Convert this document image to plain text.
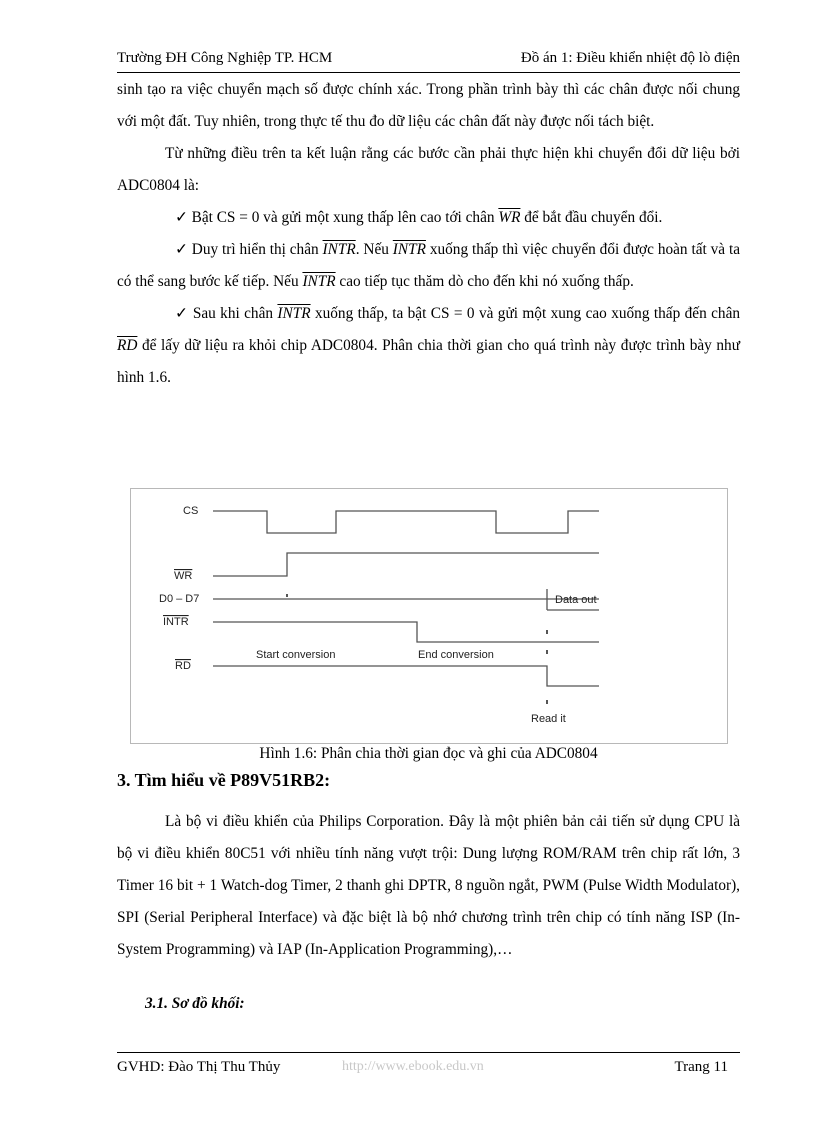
Trường ĐH Công Nghiệp TP. HCM	Đồ án 1: Điều khiển nhiệt độ lò điện

sinh tạo ra việc chuyển mạch số được chính xác. Trong phần trình bày thì các chân được nối chung với một đất. Tuy nhiên, trong thực tế thu đo dữ liệu các chân đất này được nối tách biệt.

Từ những điều trên ta kết luận rằng các bước cần phải thực hiện khi chuyển đổi dữ liệu bởi ADC0804 là:

✓ Bật CS = 0 và gửi một xung thấp lên cao tới chân $\overline{WR}$ để bắt đầu chuyển đổi.

✓ Duy trì hiển thị chân INTR. Nếu INTR xuống thấp thì việc chuyển đổi được hoàn tất và ta có thể sang bước kế tiếp. Nếu INTR cao tiếp tục thăm dò cho đến khi nó xuống thấp.

✓ Sau khi chân INTR xuống thấp, ta bật CS = 0 và gửi một xung cao xuống thấp đến chân $\overline{RD}$ để lấy dữ liệu ra khỏi chip ADC0804. Phân chia thời gian cho quá trình này được trình bày như hình 1.6.

CS
WR
D0 – D7
INTR
RD
Data out
Start conversion	End conversion
Read it
Hình 1.6: Phân chia thời gian đọc và ghi của ADC0804
3. Tìm hiểu về P89V51RB2:

Là bộ vi điều khiển của Philips Corporation. Đây là một phiên bản cải tiến sử dụng CPU là bộ vi điều khiển 80C51 với nhiều tính năng vượt trội: Dung lượng ROM/RAM trên chip rất lớn, 3 Timer 16 bit + 1 Watch-dog Timer, 2 thanh ghi DPTR, 8 nguồn ngắt, PWM (Pulse Width Modulator), SPI (Serial Peripheral Interface) và đặc biệt là bộ nhớ chương trình trên chip có tính năng ISP (In-System Programming) và IAP (In-Application Programming),…

3.1. Sơ đồ khối:
GVHD: Đào Thị Thu Thủy	http://www.ebook.edu.vn	Trang 11
